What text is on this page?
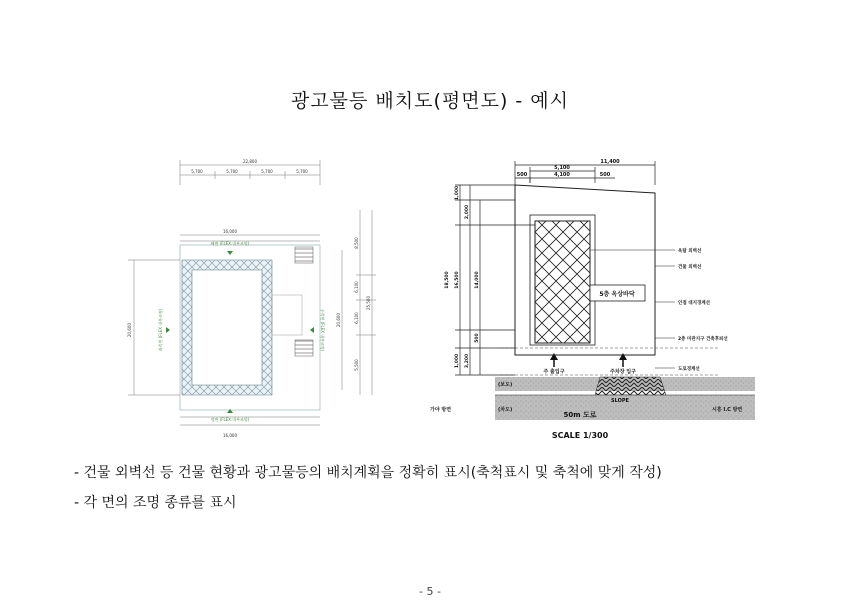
광고물등 배치도(평면도) - 예시
22,800
5,700	5,700	5,700	5,700
16,000
16,000
20,600
8,500
6,100
6,100
5,500
25,500
20,600
배면 (FLEX 내부조명)
정면 (FLEX 내부조명)
좌측면 (FLEX 내부조명)	우측면 (FLEX 내부조명)
11,400
5,100
4,100
500	500
1,000
2,000
18,500 16,500	14,000
500
1,000 3,200
5층 옥상바닥
옥탑 외벽선
건물 외벽선
인접 대지경계선
2층 미관지구 건축후퇴선
도로경계선
주 출입구	주차장 입구
(보도)
SLOPE
(차도)
가야 방면	시흥 I.C 방면
50m 도로
SCALE 1/300
- 건물 외벽선 등 건물 현황과 광고물등의 배치계획을 정확히 표시(축척표시 및 축척에 맞게 작성)
- 각 면의 조명 종류를 표시
- 5 -
